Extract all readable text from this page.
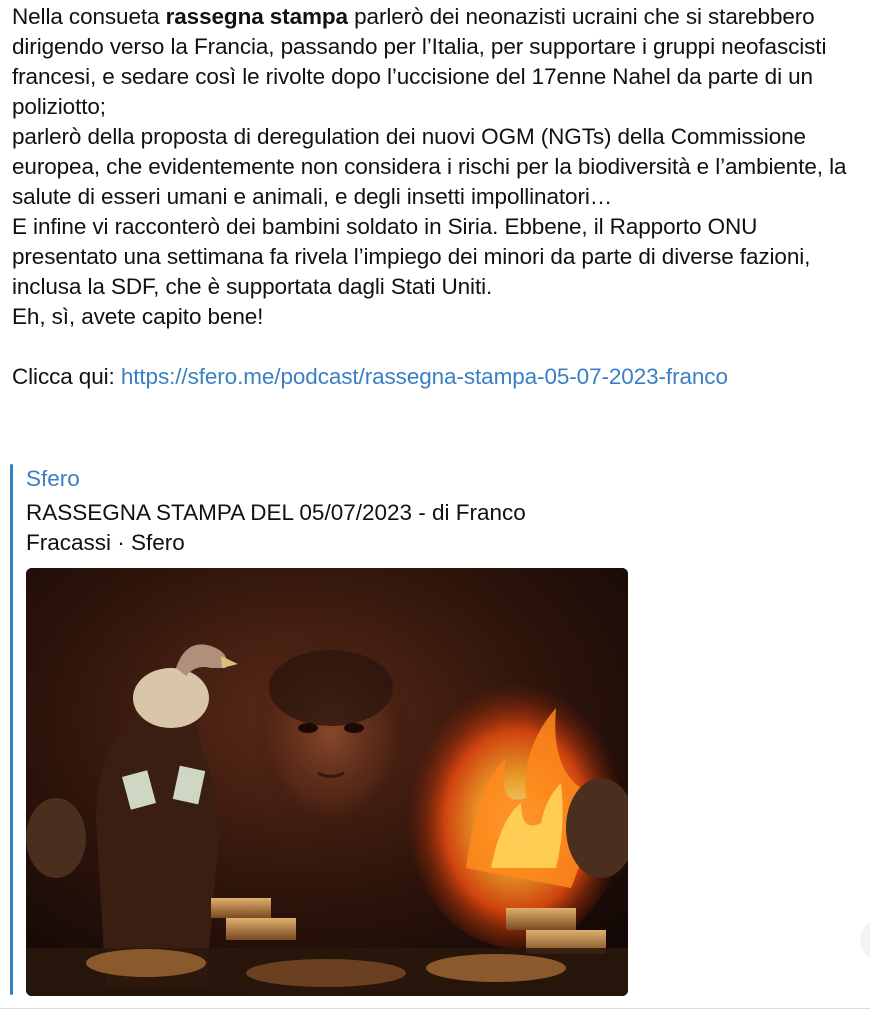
Nella consueta rassegna stampa parlerò dei neonazisti ucraini che si starebbero dirigendo verso la Francia, passando per l’Italia, per supportare i gruppi neofascisti francesi, e sedare così le rivolte dopo l’uccisione del 17enne Nahel da parte di un poliziotto;

parlerò della proposta di deregulation dei nuovi OGM (NGTs) della Commissione europea, che evidentemente non considera i rischi per la biodiversità e l’ambiente, la salute di esseri umani e animali, e degli insetti impollinatori…

E infine vi racconterò dei bambini soldato in Siria. Ebbene, il Rapporto ONU presentato una settimana fa rivela l’impiego dei minori da parte di diverse fazioni, inclusa la SDF, che è supportata dagli Stati Uniti.

Eh, sì, avete capito bene!

Clicca qui: https://sfero.me/podcast/rassegna-stampa-05-07-2023-franco

Sfero
RASSEGNA STAMPA DEL 05/07/2023 - di Franco
Fracassi · Sfero
